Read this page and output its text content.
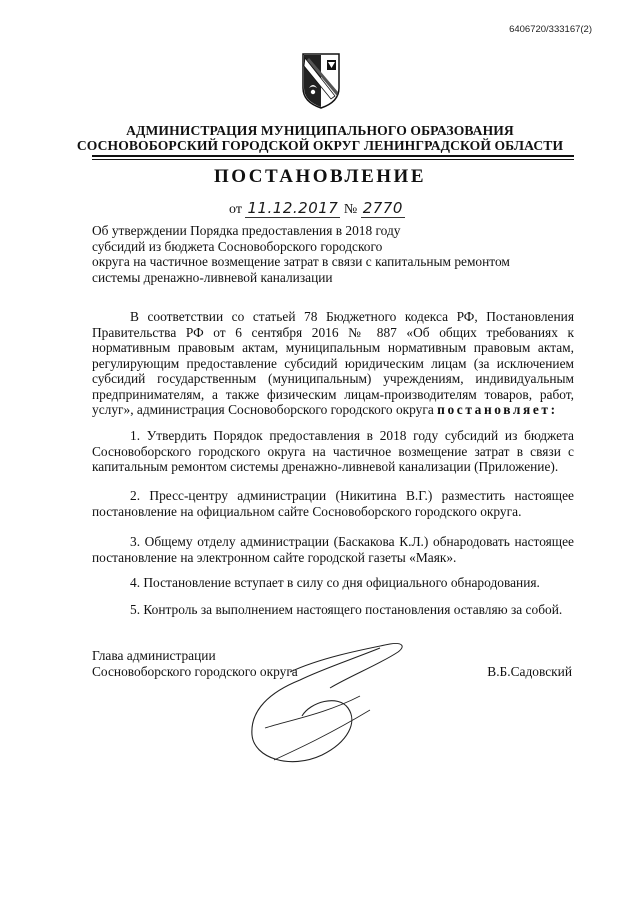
6406720/333167(2)
АДМИНИСТРАЦИЯ МУНИЦИПАЛЬНОГО ОБРАЗОВАНИЯ
СОСНОВОБОРСКИЙ ГОРОДСКОЙ ОКРУГ ЛЕНИНГРАДСКОЙ ОБЛАСТИ
ПОСТАНОВЛЕНИЕ
от 11.12.2017 № 2770
Об утверждении Порядка предоставления в 2018 году
субсидий из бюджета Сосновоборского городского
округа на частичное возмещение затрат в связи с капитальным ремонтом
системы дренажно-ливневой канализации
В соответствии со статьей 78 Бюджетного кодекса РФ, Постановления Правительства РФ от 6 сентября 2016 № 887 «Об общих требованиях к нормативным правовым актам, муниципальным нормативным правовым актам, регулирующим предоставление субсидий юридическим лицам (за исключением субсидий государственным (муниципальным) учреждениям, индивидуальным предпринимателям, а также физическим лицам-производителям товаров, работ, услуг», администрация Сосновоборского городского округа постановляет:
1. Утвердить Порядок предоставления в 2018 году субсидий из бюджета Сосновоборского городского округа на частичное возмещение затрат в связи с капитальным ремонтом системы дренажно-ливневой канализации (Приложение).
2. Пресс-центру администрации (Никитина В.Г.) разместить настоящее постановление на официальном сайте Сосновоборского городского округа.
3. Общему отделу администрации (Баскакова К.Л.) обнародовать настоящее постановление на электронном сайте городской газеты «Маяк».
4. Постановление вступает в силу со дня официального обнародования.
5. Контроль за выполнением настоящего постановления оставляю за собой.
Глава администрации
Сосновоборского городского округа	В.Б.Садовский
